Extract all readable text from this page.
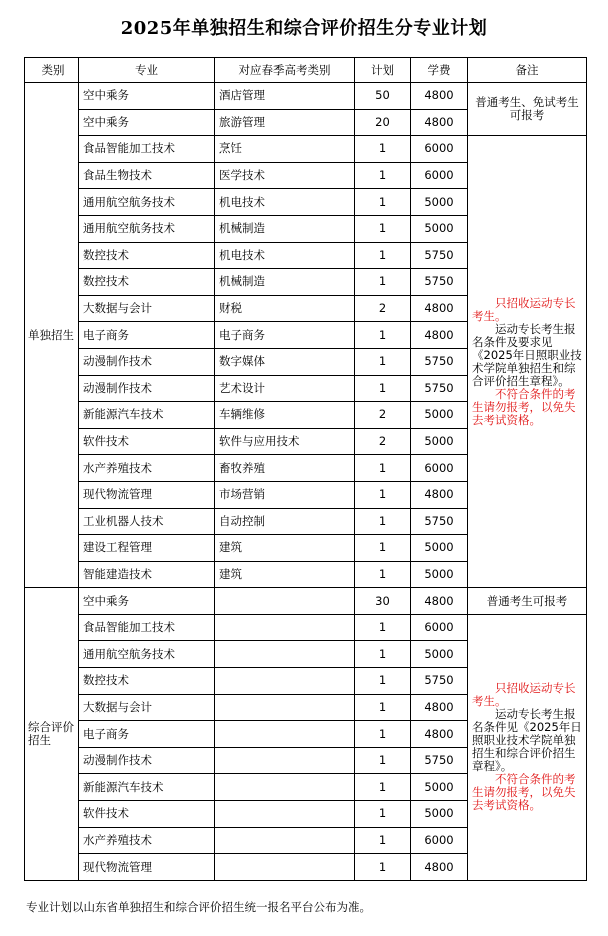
2025年单独招生和综合评价招生分专业计划
类别	专业	对应春季高考类别	计划	学费	备注
单独招生	空中乘务	酒店管理	50	4800	普通考生、免试考生可报考
	空中乘务	旅游管理	20	4800	
	食品智能加工技术	烹饪	1	6000	只招收运动专长考生。

运动专长考生报名条件及要求见《2025年日照职业技术学院单独招生和综合评价招生章程》。

不符合条件的考生请勿报考，以免失去考试资格。

	食品生物技术	医学技术	1	6000	
	通用航空航务技术	机电技术	1	5000	
	通用航空航务技术	机械制造	1	5000	
	数控技术	机电技术	1	5750	
	数控技术	机械制造	1	5750	
	大数据与会计	财税	2	4800	
	电子商务	电子商务	1	4800	
	动漫制作技术	数字媒体	1	5750	
	动漫制作技术	艺术设计	1	5750	
	新能源汽车技术	车辆维修	2	5000	
	软件技术	软件与应用技术	2	5000	
	水产养殖技术	畜牧养殖	1	6000	
	现代物流管理	市场营销	1	4800	
	工业机器人技术	自动控制	1	5750	
	建设工程管理	建筑	1	5000	
	智能建造技术	建筑	1	5000	
综合评价招生	空中乘务		30	4800	普通考生可报考
	食品智能加工技术		1	6000	只招收运动专长考生。

运动专长考生报名条件见《2025年日照职业技术学院单独招生和综合评价招生章程》。

不符合条件的考生请勿报考，以免失去考试资格。

	通用航空航务技术		1	5000	
	数控技术		1	5750	
	大数据与会计		1	4800	
	电子商务		1	4800	
	动漫制作技术		1	5750	
	新能源汽车技术		1	5000	
	软件技术		1	5000	
	水产养殖技术		1	6000	
	现代物流管理		1	4800	
专业计划以山东省单独招生和综合评价招生统一报名平台公布为准。
